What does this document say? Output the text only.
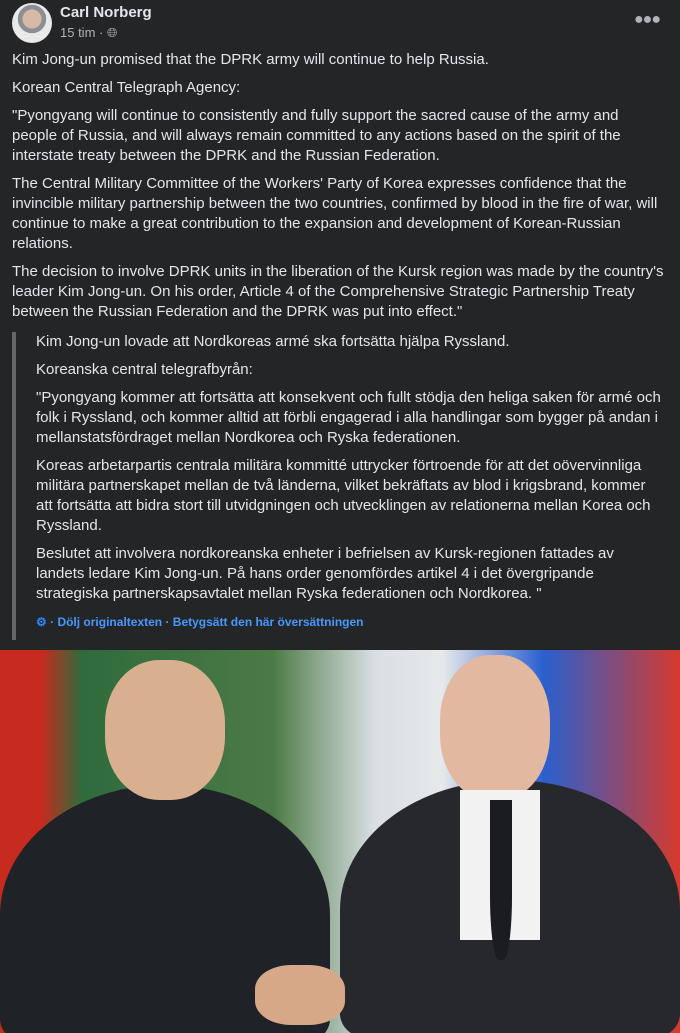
Carl Norberg
15 tim · 🌐︎
●●●

Kim Jong-un promised that the DPRK army will continue to help Russia.

Korean Central Telegraph Agency:

"Pyongyang will continue to consistently and fully support the sacred cause of the army and people of Russia, and will always remain committed to any actions based on the spirit of the interstate treaty between the DPRK and the Russian Federation.

The Central Military Committee of the Workers' Party of Korea expresses confidence that the invincible military partnership between the two countries, confirmed by blood in the fire of war, will continue to make a great contribution to the expansion and development of Korean-Russian relations.

The decision to involve DPRK units in the liberation of the Kursk region was made by the country's leader Kim Jong-un. On his order, Article 4 of the Comprehensive Strategic Partnership Treaty between the Russian Federation and the DPRK was put into effect."

Kim Jong-un lovade att Nordkoreas armé ska fortsätta hjälpa Ryssland.

Koreanska central telegrafbyrån:

"Pyongyang kommer att fortsätta att konsekvent och fullt stödja den heliga saken för armé och folk i Ryssland, och kommer alltid att förbli engagerad i alla handlingar som bygger på andan i mellanstatsfördraget mellan Nordkorea och Ryska federationen.

Koreas arbetarpartis centrala militära kommitté uttrycker förtroende för att det oövervinnliga militära partnerskapet mellan de två länderna, vilket bekräftats av blod i krigsbrand, kommer att fortsätta att bidra stort till utvidgningen och utvecklingen av relationerna mellan Korea och Ryssland.

Beslutet att involvera nordkoreanska enheter i befrielsen av Kursk-regionen fattades av landets ledare Kim Jong-un. På hans order genomfördes artikel 4 i det övergripande strategiska partnerskapsavtalet mellan Ryska federationen och Nordkorea. "

⚙ · Dölj originaltexten · Betygsätt den här översättningen
